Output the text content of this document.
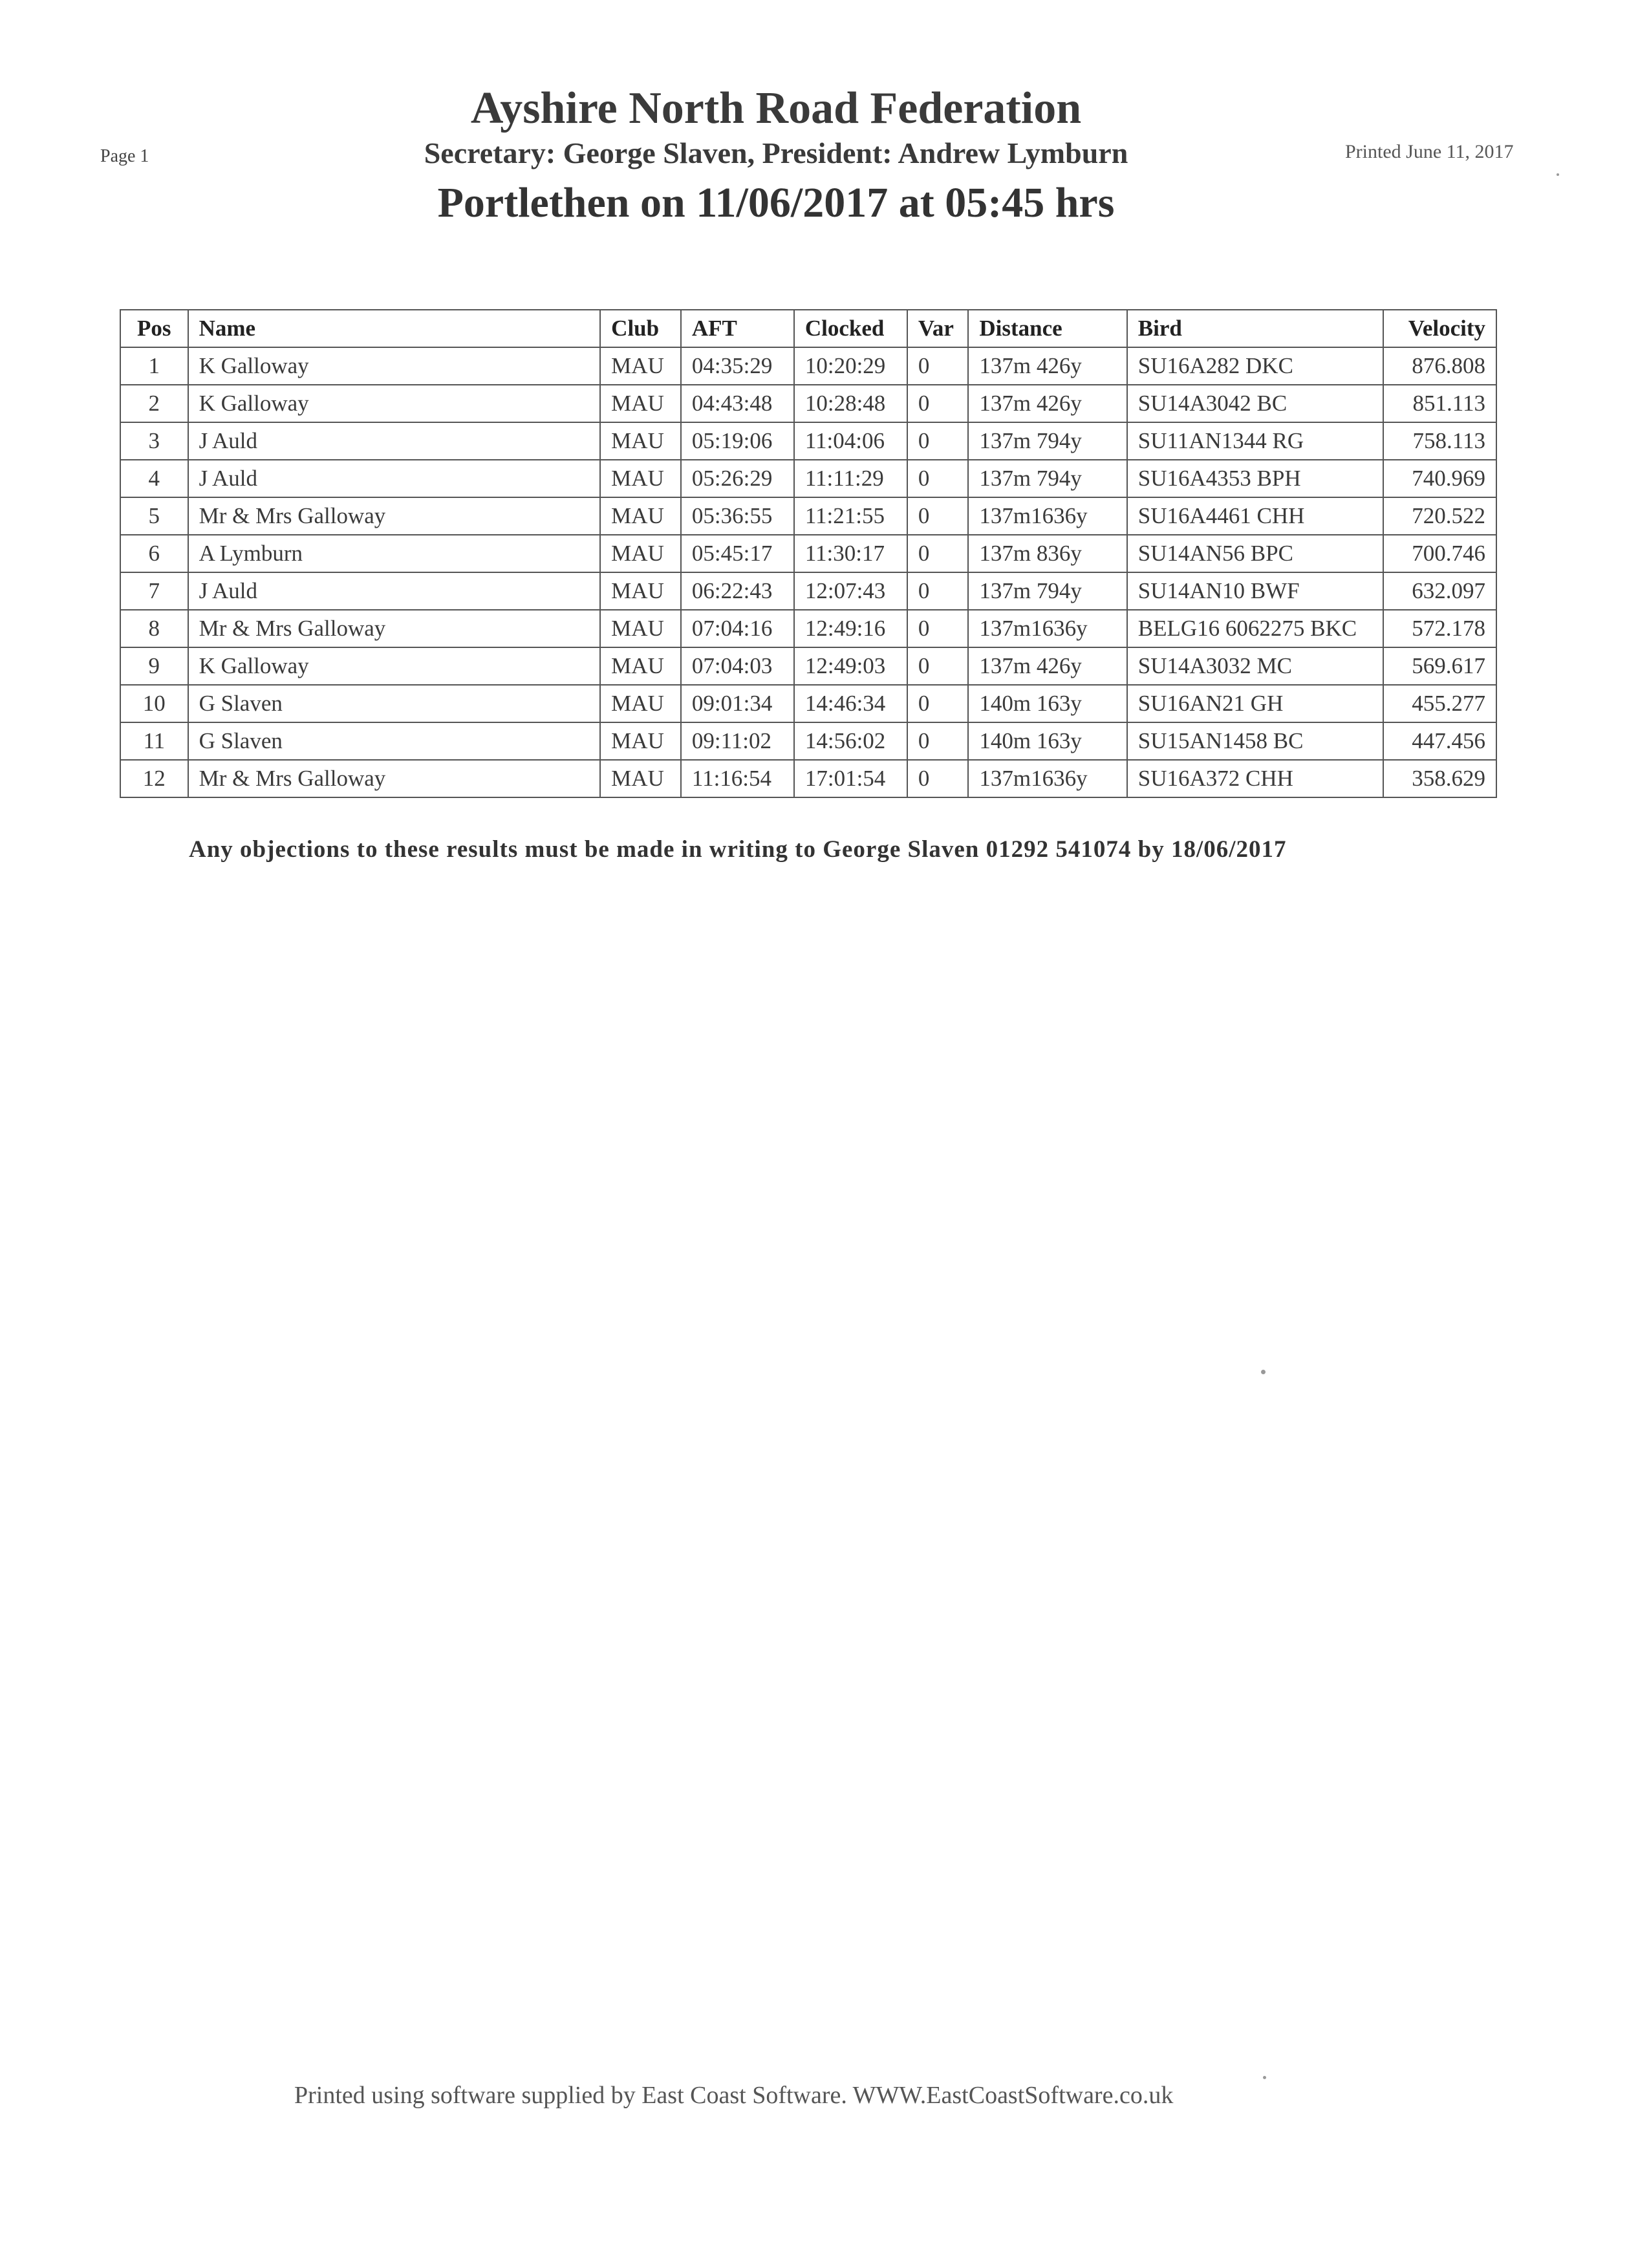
Page 1
Ayshire North Road Federation
Secretary: George Slaven, President: Andrew Lymburn	Printed June 11, 2017
Portlethen on 11/06/2017 at 05:45 hrs
Pos	Name	Club	AFT	Clocked	Var	Distance	Bird	Velocity
1	K Galloway	MAU	04:35:29	10:20:29	0	137m 426y	SU16A282 DKC	876.808
2	K Galloway	MAU	04:43:48	10:28:48	0	137m 426y	SU14A3042 BC	851.113
3	J Auld	MAU	05:19:06	11:04:06	0	137m 794y	SU11AN1344 RG	758.113
4	J Auld	MAU	05:26:29	11:11:29	0	137m 794y	SU16A4353 BPH	740.969
5	Mr & Mrs Galloway	MAU	05:36:55	11:21:55	0	137m1636y	SU16A4461 CHH	720.522
6	A Lymburn	MAU	05:45:17	11:30:17	0	137m 836y	SU14AN56 BPC	700.746
7	J Auld	MAU	06:22:43	12:07:43	0	137m 794y	SU14AN10 BWF	632.097
8	Mr & Mrs Galloway	MAU	07:04:16	12:49:16	0	137m1636y	BELG16 6062275 BKC	572.178
9	K Galloway	MAU	07:04:03	12:49:03	0	137m 426y	SU14A3032 MC	569.617
10	G Slaven	MAU	09:01:34	14:46:34	0	140m 163y	SU16AN21 GH	455.277
11	G Slaven	MAU	09:11:02	14:56:02	0	140m 163y	SU15AN1458 BC	447.456
12	Mr & Mrs Galloway	MAU	11:16:54	17:01:54	0	137m1636y	SU16A372 CHH	358.629
Any objections to these results must be made in writing to George Slaven 01292 541074 by 18/06/2017
Printed using software supplied by East Coast Software. WWW.EastCoastSoftware.co.uk
